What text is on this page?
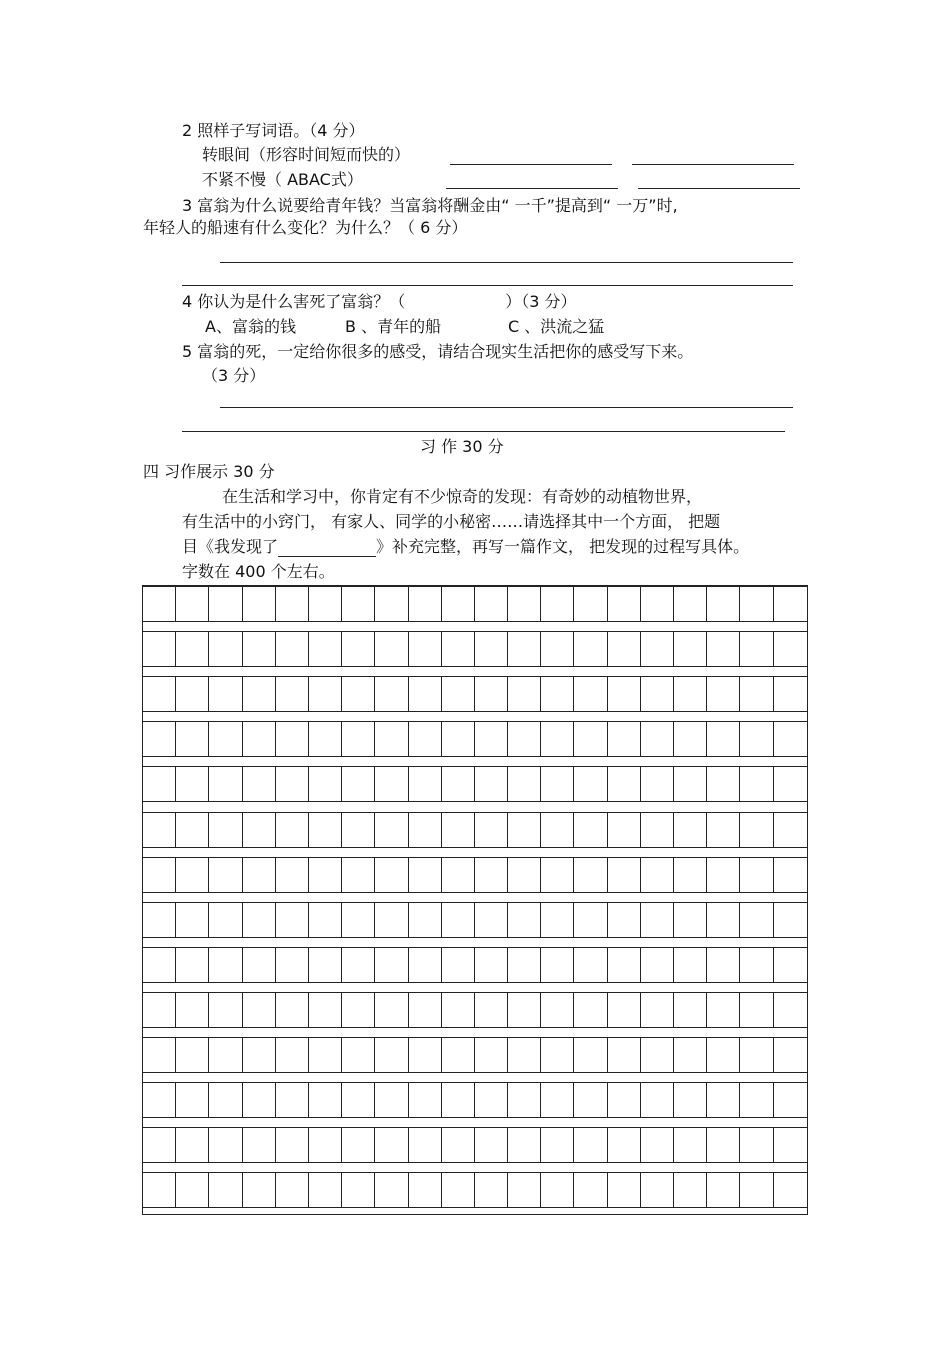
2 照样子写词语。（4 分）
转眼间（形容时间短而快的）
不紧不慢（ ABAC式）
3 富翁为什么说要给青年钱？当富翁将酬金由“ 一千”提高到“ 一万”时,
年轻人的船速有什么变化？为什么？（ 6 分）
4 你认为是什么害死了富翁？（	）（3 分）
A、富翁的钱	B 、青年的船	C 、洪流之猛
5 富翁的死，一定给你很多的感受，请结合现实生活把你的感受写下来。
（3 分）
习 作 30 分
四 习作展示 30 分
在生活和学习中，你肯定有不少惊奇的发现：有奇妙的动植物世界，
有生活中的小窍门， 有家人、同学的小秘密……请选择其中一个方面， 把题
目《我发现了	》补充完整，再写一篇作文， 把发现的过程写具体。
字数在 400 个左右。
